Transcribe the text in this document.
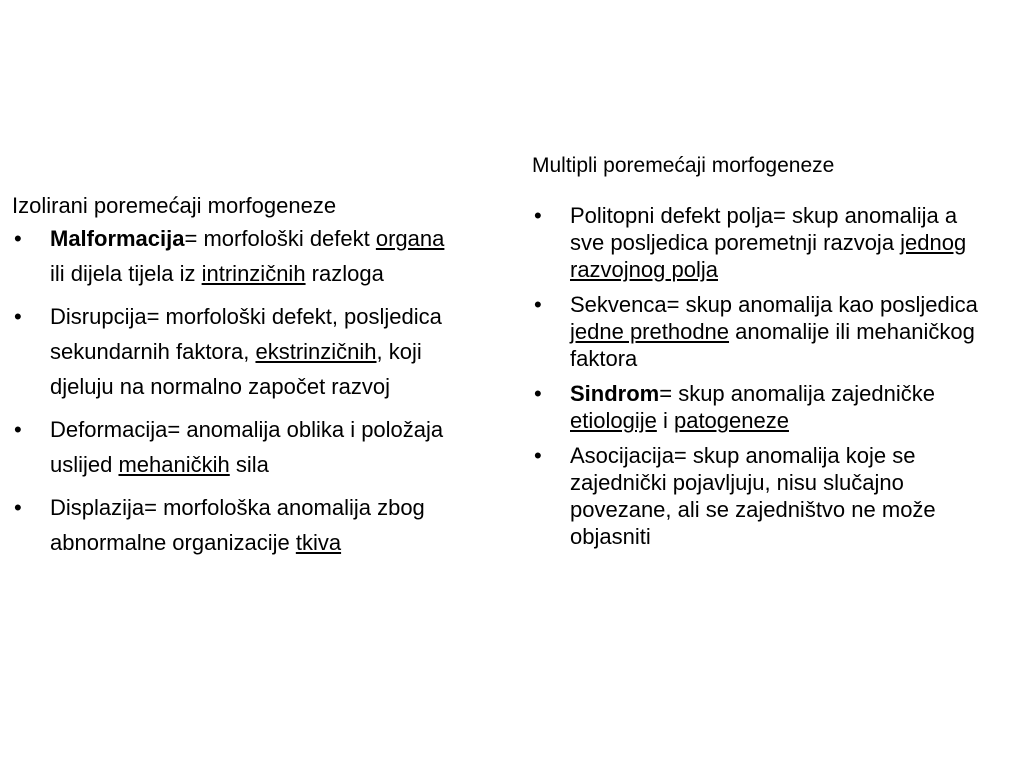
Izolirani poremećaji morfogeneze

• Malformacija= morfološki defekt organa ili dijela tijela iz intrinzičnih razloga
• Disrupcija= morfološki defekt, posljedica sekundarnih faktora, ekstrinzičnih, koji djeluju na normalno započet razvoj
• Deformacija= anomalija oblika i položaja uslijed mehaničkih sila
• Displazija= morfološka anomalija zbog abnormalne organizacije tkiva

Multipli poremećaji morfogeneze

• Politopni defekt polja= skup anomalija a sve posljedica poremetnji razvoja jednog razvojnog polja
• Sekvenca= skup anomalija kao posljedica jedne prethodne anomalije ili mehaničkog faktora
• Sindrom= skup anomalija zajedničke etiologije i patogeneze
• Asocijacija= skup anomalija koje se zajednički pojavljuju, nisu slučajno povezane, ali se zajedništvo ne može objasniti
